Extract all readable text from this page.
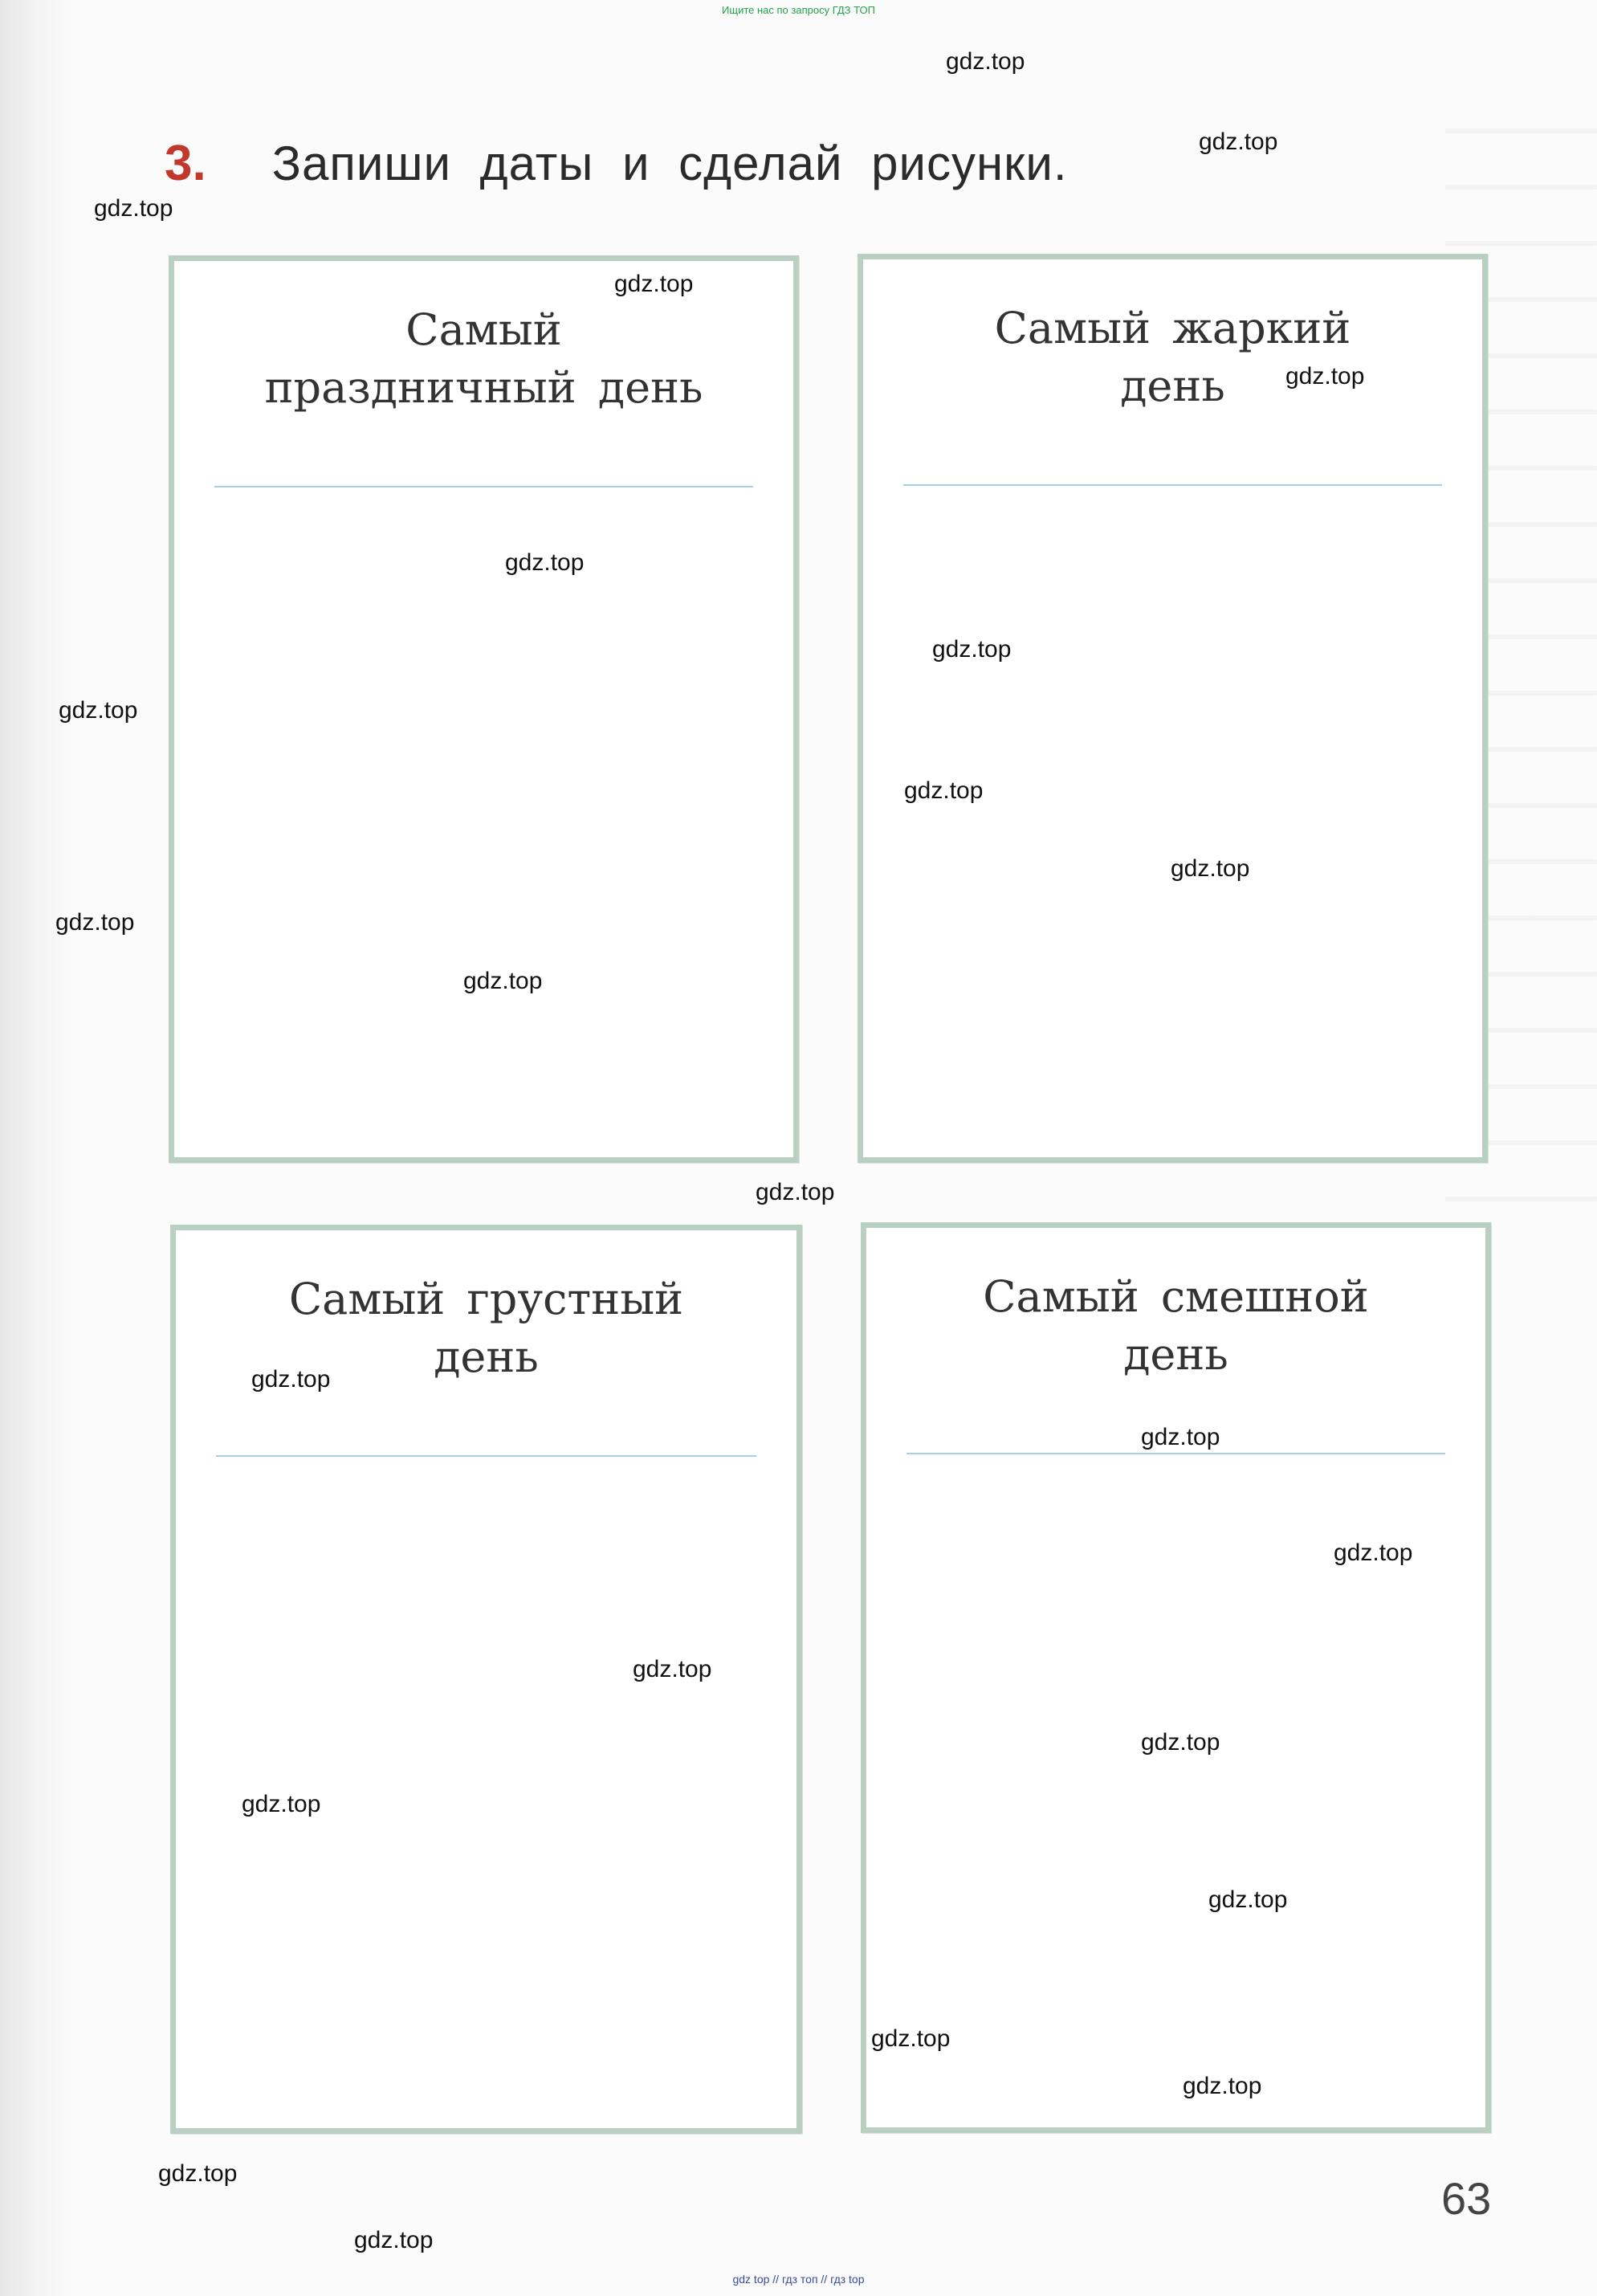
Ищите нас по запросу ГДЗ ТОП
3. Запиши даты и сделай рисунки.
Самый
праздничный день
Самый жаркий
день
Самый грустный
день
Самый смешной
день
gdz.top
gdz.top
gdz.top
gdz.top
gdz.top
gdz.top
gdz.top
gdz.top
gdz.top
gdz.top
gdz.top
gdz.top
gdz.top
gdz.top
gdz.top
gdz.top
gdz.top
gdz.top
gdz.top
gdz.top
gdz.top
gdz.top
gdz.top
gdz.top
63
gdz top // гдз топ // гдз top
